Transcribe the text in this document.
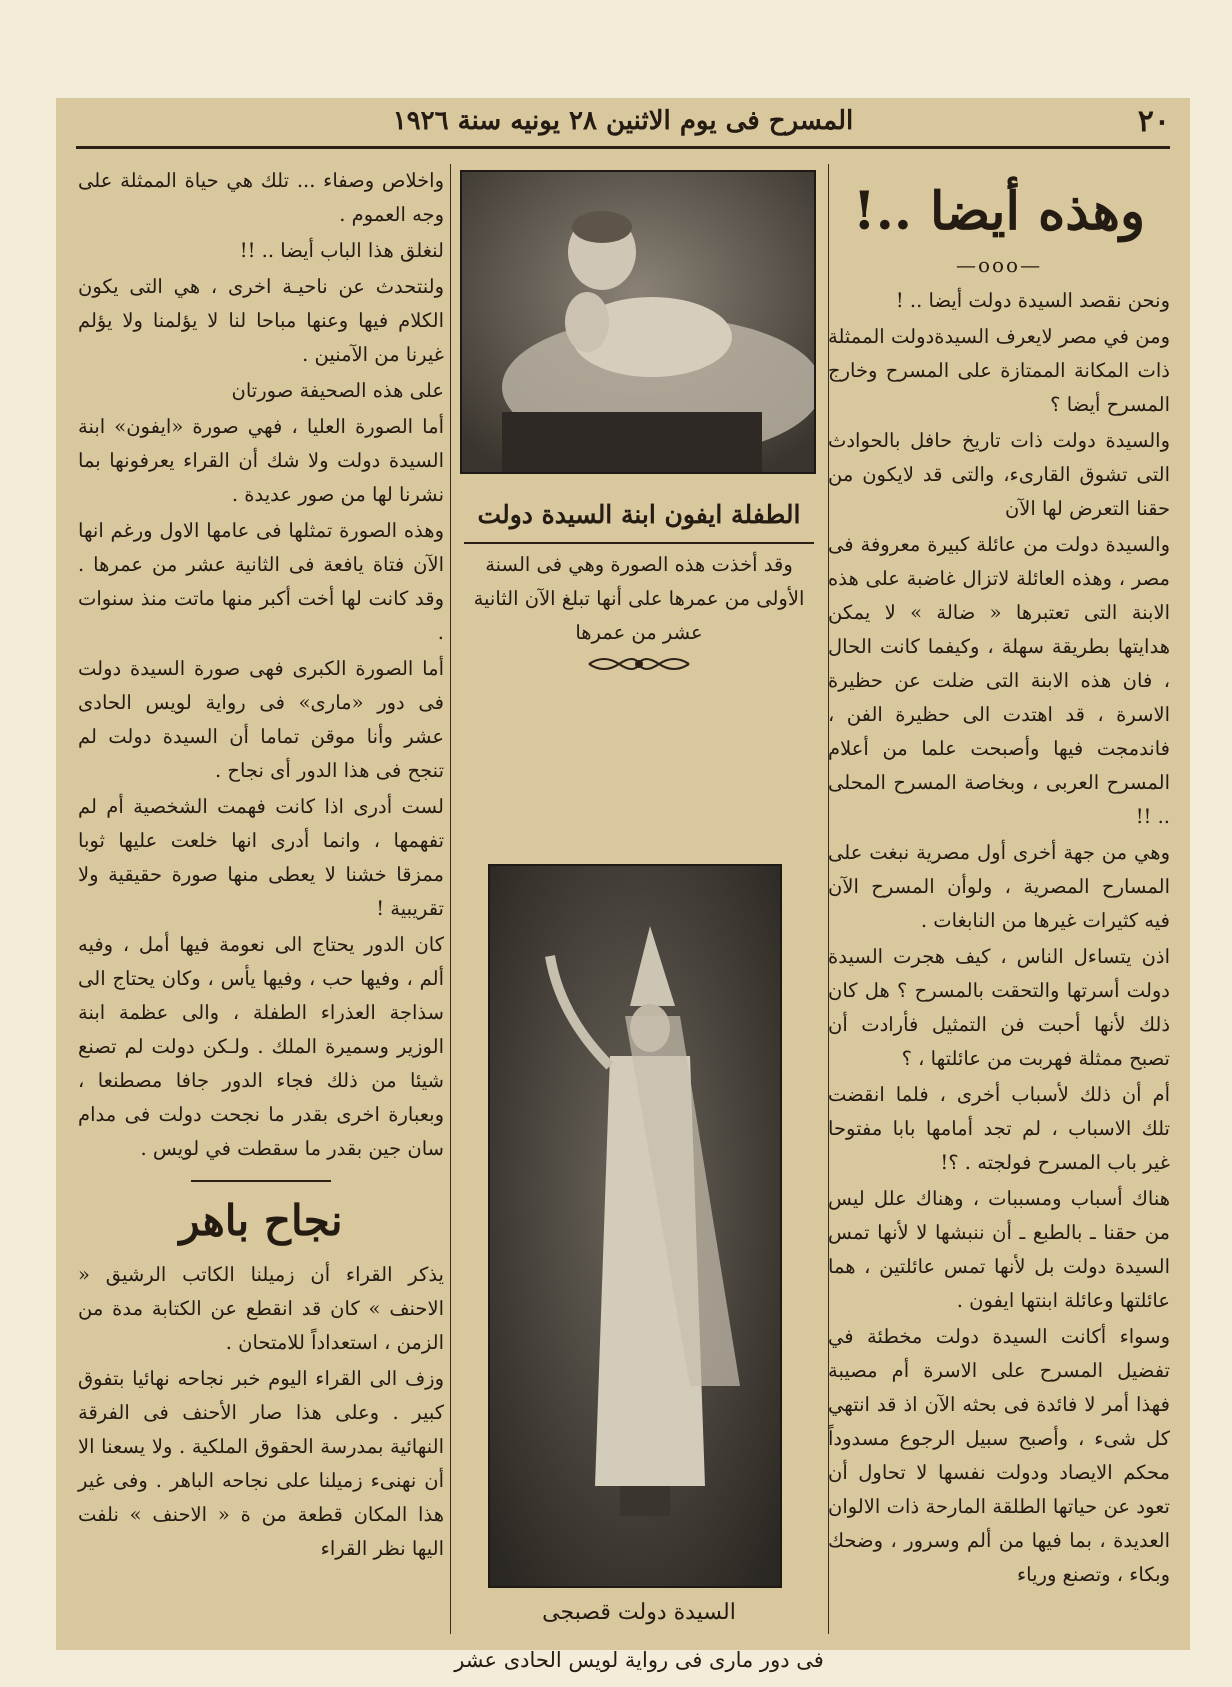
٢٠
المسرح فى يوم الاثنين ٢٨ يونيه سنة ١٩٢٦
وهذه أيضا ..!
—ooo—

ونحن نقصد السيدة دولت أيضا .. !

ومن في مصر لايعرف السيدةدولت الممثلة ذات المكانة الممتازة على المسرح وخارج المسرح أيضا ؟

والسيدة دولت ذات تاريخ حافل بالحوادث التى تشوق القارىء، والتى قد لايكون من حقنا التعرض لها الآن

والسيدة دولت من عائلة كبيرة معروفة فى مصر ، وهذه العائلة لاتزال غاضبة على هذه الابنة التى تعتبرها « ضالة » لا يمكن هدايتها بطريقة سهلة ، وكيفما كانت الحال ، فان هذه الابنة التى ضلت عن حظيرة الاسرة ، قد اهتدت الى حظيرة الفن ، فاندمجت فيها وأصبحت علما من أعلام المسرح العربى ، وبخاصة المسرح المحلى .. !!

وهي من جهة أخرى أول مصرية نبغت على المسارح المصرية ، ولوأن المسرح الآن فيه كثيرات غيرها من النابغات .

اذن يتساءل الناس ، كيف هجرت السيدة دولت أسرتها والتحقت بالمسرح ؟ هل كان ذلك لأنها أحبت فن التمثيل فأرادت أن تصبح ممثلة فهربت من عائلتها ، ؟

أم أن ذلك لأسباب أخرى ، فلما انقضت تلك الاسباب ، لم تجد أمامها بابا مفتوحا غير باب المسرح فولجته . ؟!

هناك أسباب ومسببات ، وهناك علل ليس من حقنا ـ بالطبع ـ أن ننبشها لا لأنها تمس السيدة دولت بل لأنها تمس عائلتين ، هما عائلتها وعائلة ابنتها ايفون .

وسواء أكانت السيدة دولت مخطئة في تفضيل المسرح على الاسرة أم مصيبة فهذا أمر لا فائدة فى بحثه الآن اذ قد انتهي كل شىء ، وأصبح سبيل الرجوع مسدوداً محكم الايصاد ودولت نفسها لا تحاول أن تعود عن حياتها الطلقة المارحة ذات الالوان العديدة ، بما فيها من ألم وسرور ، وضحك وبكاء ، وتصنع ورياء

الطفلة ايفون ابنة السيدة دولت
وقد أخذت هذه الصورة وهي فى السنة الأولى من عمرها على أنها تبلغ الآن الثانية عشر من عمرها
السيدة دولت قصبجى
فى دور مارى فى رواية لويس الحادى عشر

واخلاص وصفاء ... تلك هي حياة الممثلة على وجه العموم .

لنغلق هذا الباب أيضا .. !!

ولنتحدث عن ناحيـة اخرى ، هي التى يكون الكلام فيها وعنها مباحا لنا لا يؤلمنا ولا يؤلم غيرنا من الآمنين .

على هذه الصحيفة صورتان

أما الصورة العليا ، فهي صورة «ايفون» ابنة السيدة دولت ولا شك أن القراء يعرفونها بما نشرنا لها من صور عديدة .

وهذه الصورة تمثلها فى عامها الاول ورغم انها الآن فتاة يافعة فى الثانية عشر من عمرها . وقد كانت لها أخت أكبر منها ماتت منذ سنوات .

أما الصورة الكبرى فهى صورة السيدة دولت فى دور «مارى» فى رواية لويس الحادى عشر وأنا موقن تماما أن السيدة دولت لم تنجح فى هذا الدور أى نجاح .

لست أدرى اذا كانت فهمت الشخصية أم لم تفهمها ، وانما أدرى انها خلعت عليها ثوبا ممزقا خشنا لا يعطى منها صورة حقيقية ولا تقريبية !

كان الدور يحتاج الى نعومة فيها أمل ، وفيه ألم ، وفيها حب ، وفيها يأس ، وكان يحتاج الى سذاجة العذراء الطفلة ، والى عظمة ابنة الوزير وسميرة الملك . ولـكن دولت لم تصنع شيئا من ذلك فجاء الدور جافا مصطنعا ، وبعبارة اخرى بقدر ما نجحت دولت فى مدام سان جين بقدر ما سقطت في لويس .

نجاح باهر

يذكر القراء أن زميلنا الكاتب الرشيق « الاحنف » كان قد انقطع عن الكتابة مدة من الزمن ، استعداداً للامتحان .

وزف الى القراء اليوم خبر نجاحه نهائيا بتفوق كبير . وعلى هذا صار الأحنف فى الفرقة النهائية بمدرسة الحقوق الملكية . ولا يسعنا الا أن نهنىء زميلنا على نجاحه الباهر . وفى غير هذا المكان قطعة من ة « الاحنف » نلفت اليها نظر القراء
